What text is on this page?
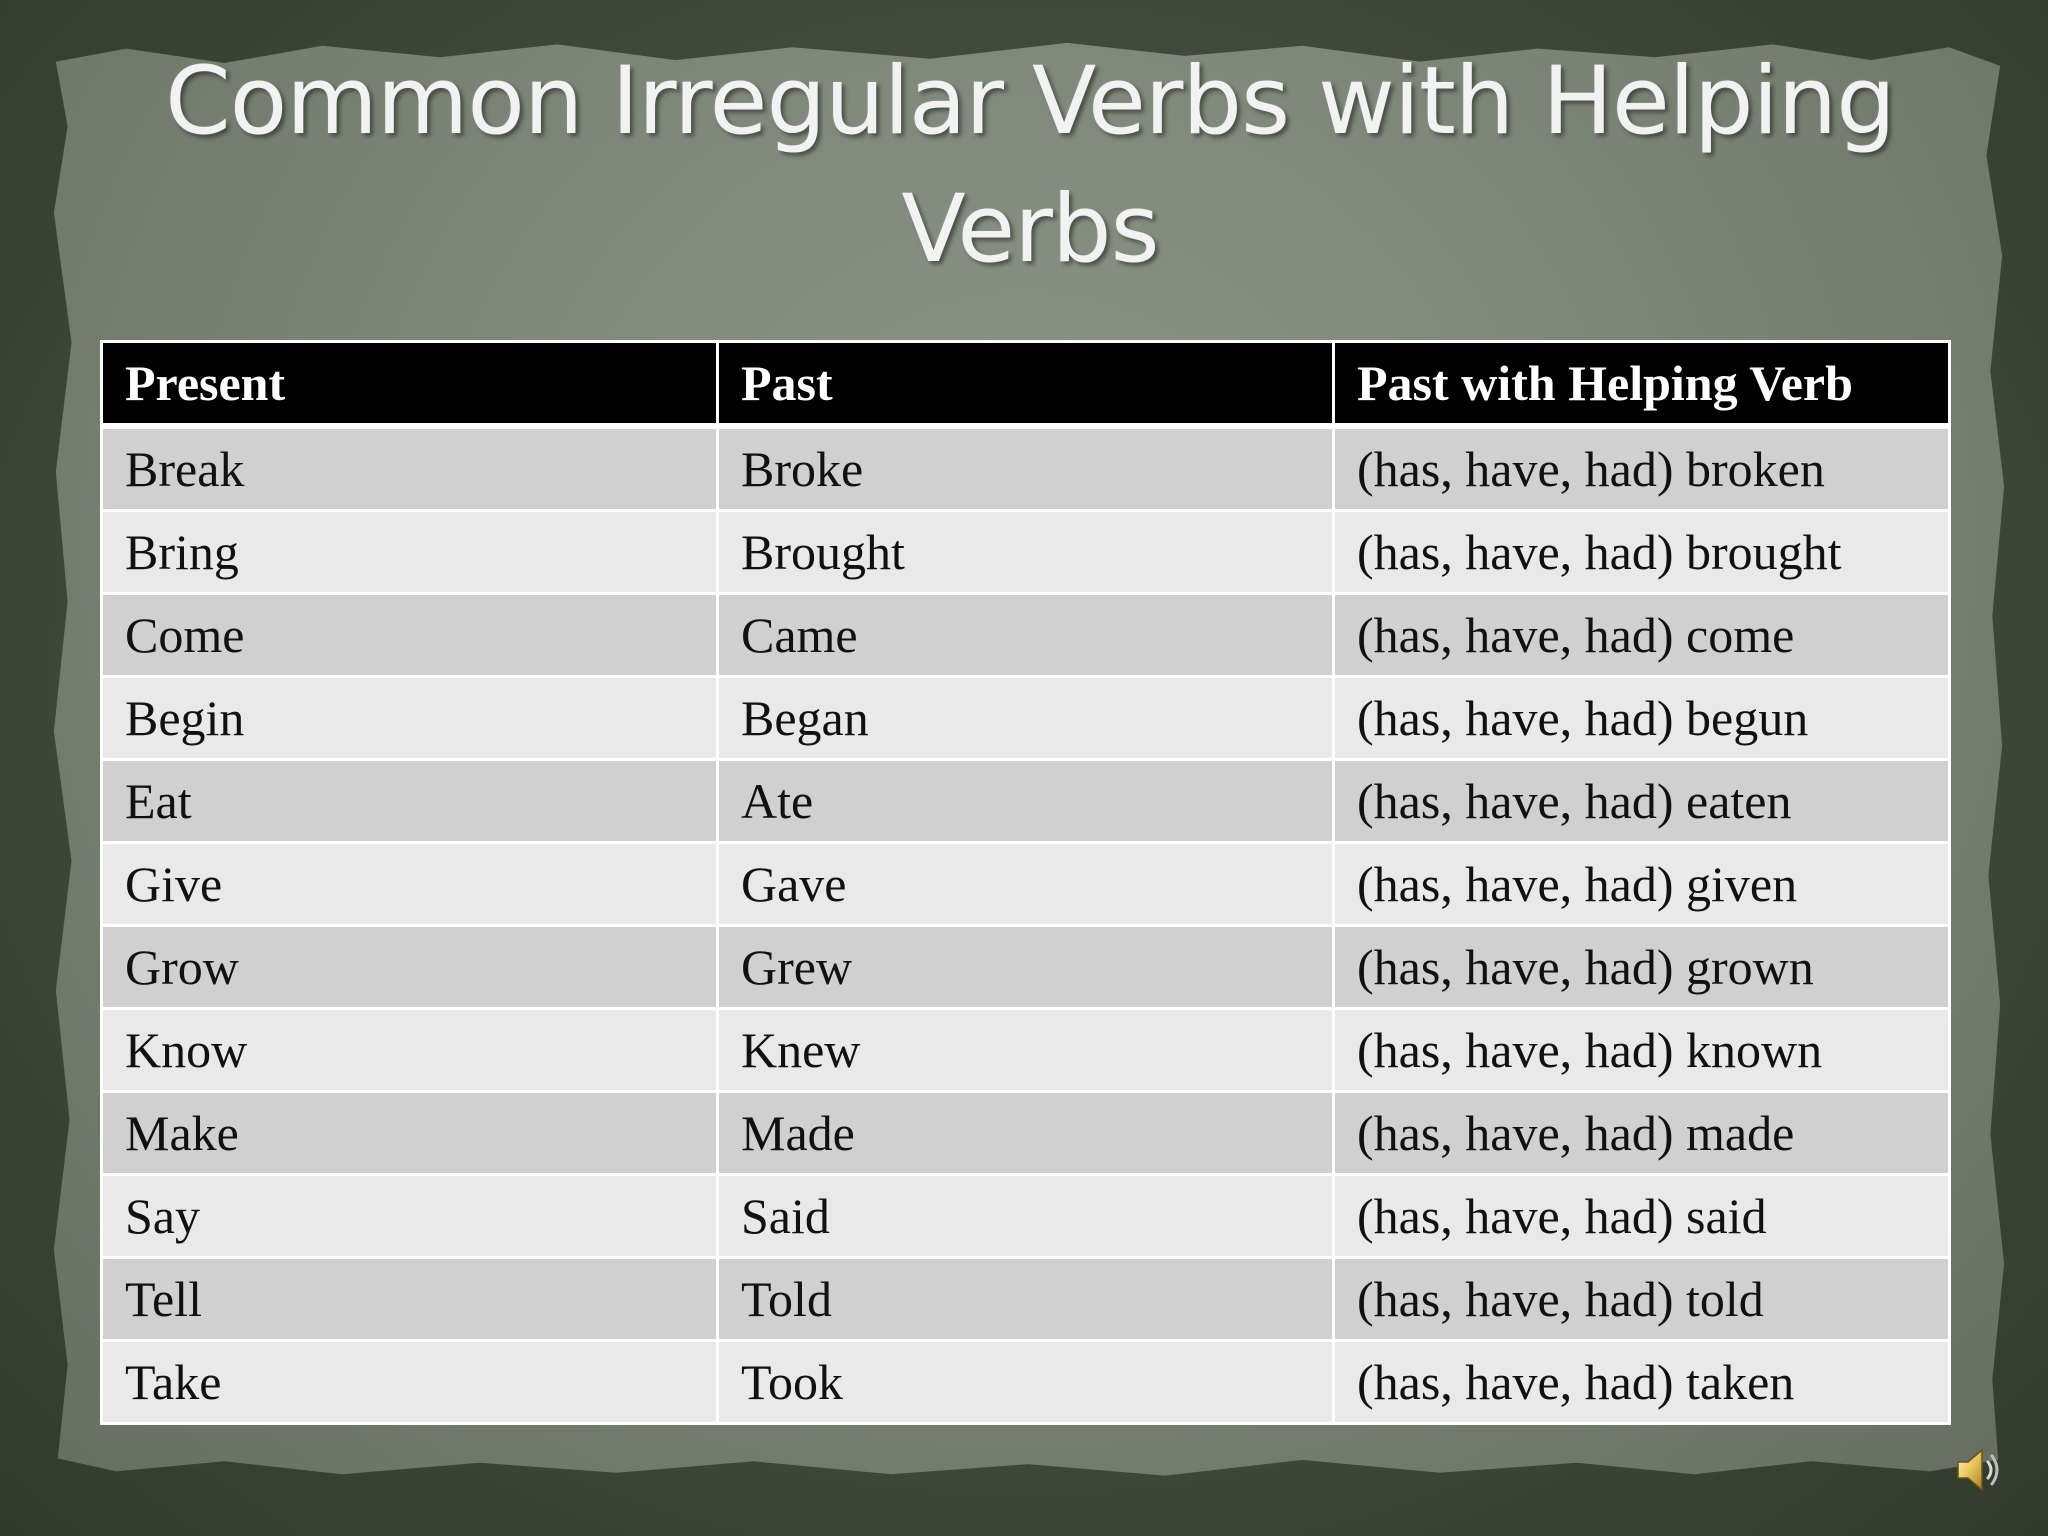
Common Irregular Verbs with Helping Verbs
Present	Past	Past with Helping Verb
Break	Broke	(has, have, had) broken
Bring	Brought	(has, have, had) brought
Come	Came	(has, have, had) come
Begin	Began	(has, have, had) begun
Eat	Ate	(has, have, had) eaten
Give	Gave	(has, have, had) given
Grow	Grew	(has, have, had) grown
Know	Knew	(has, have, had) known
Make	Made	(has, have, had) made
Say	Said	(has, have, had) said
Tell	Told	(has, have, had) told
Take	Took	(has, have, had) taken
